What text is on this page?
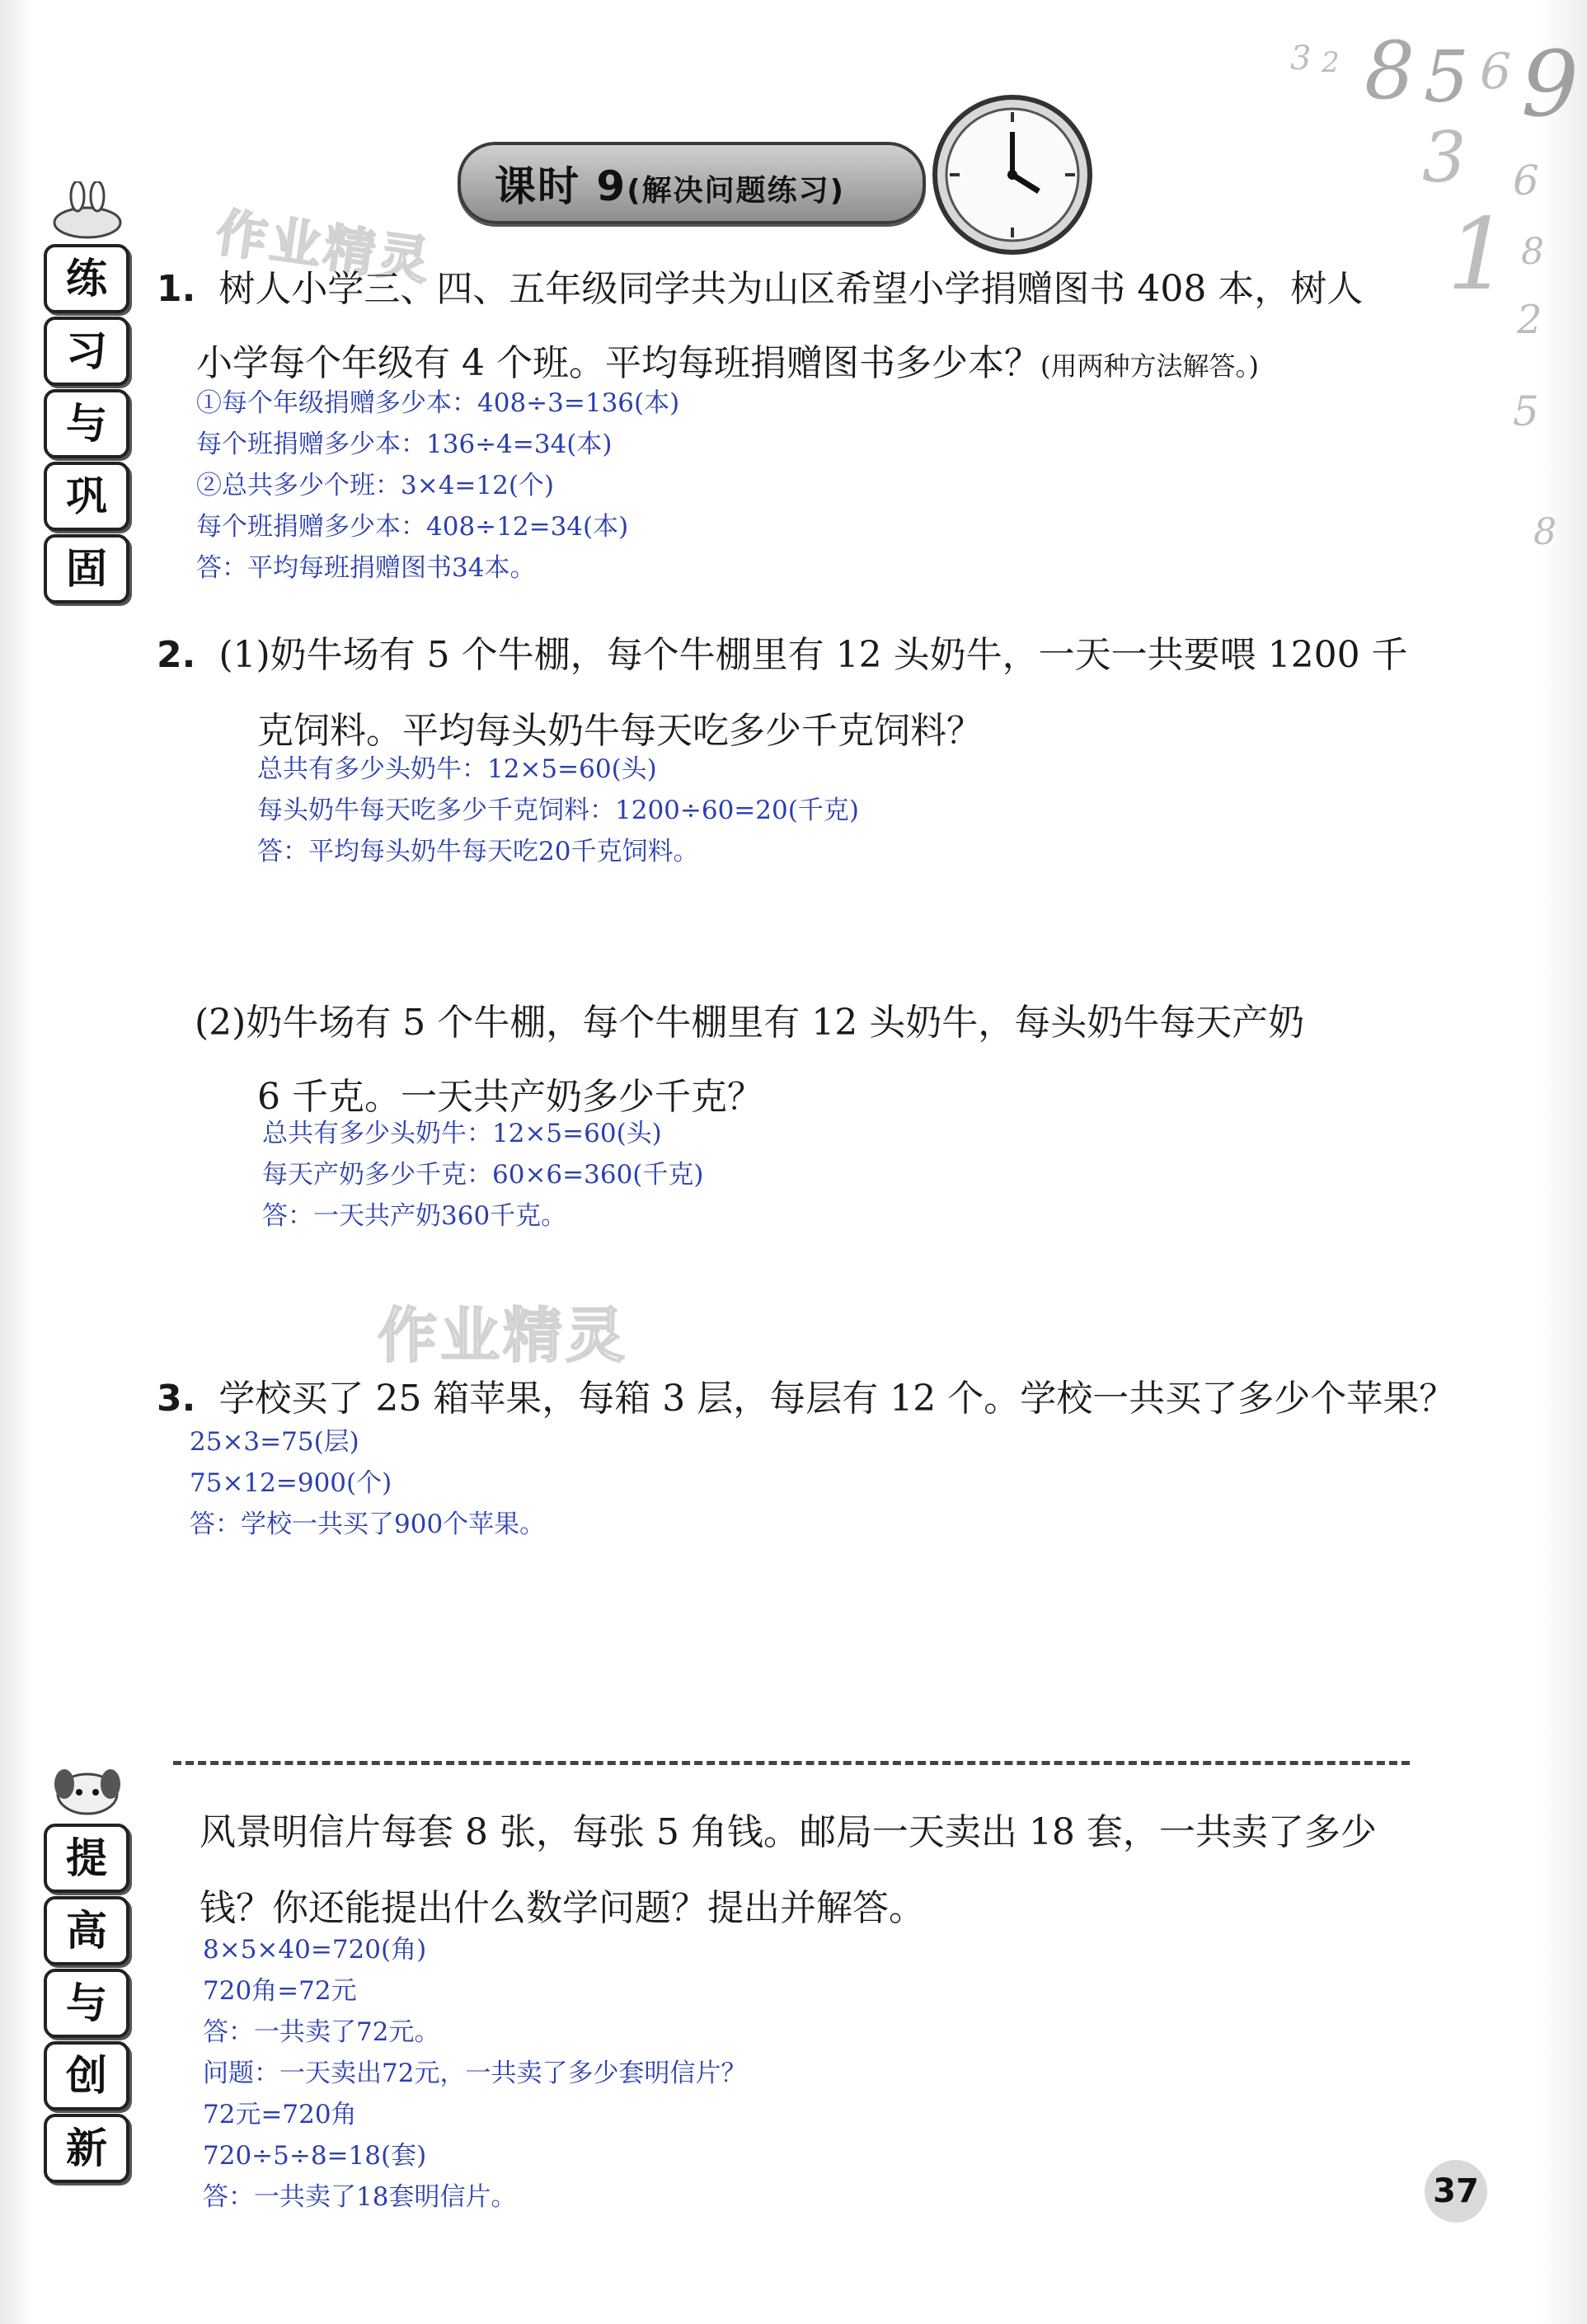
3 2 8 5 6 9
3 6
1 8
2
5
8
课时 9(解决问题练习)
练
习
与
巩
固
提
高
与
创
新
作业精灵
作业精灵
1. 树人小学三、四、五年级同学共为山区希望小学捐赠图书 408 本，树人
小学每个年级有 4 个班。平均每班捐赠图书多少本？(用两种方法解答。)
①每个年级捐赠多少本：408÷3=136(本)
每个班捐赠多少本：136÷4=34(本)
②总共多少个班：3×4=12(个)
每个班捐赠多少本：408÷12=34(本)
答：平均每班捐赠图书34本。
2. (1)奶牛场有 5 个牛棚，每个牛棚里有 12 头奶牛，一天一共要喂 1200 千
克饲料。平均每头奶牛每天吃多少千克饲料？
总共有多少头奶牛：12×5=60(头)
每头奶牛每天吃多少千克饲料：1200÷60=20(千克)
答：平均每头奶牛每天吃20千克饲料。
(2)奶牛场有 5 个牛棚，每个牛棚里有 12 头奶牛，每头奶牛每天产奶
6 千克。一天共产奶多少千克？
总共有多少头奶牛：12×5=60(头)
每天产奶多少千克：60×6=360(千克)
答：一天共产奶360千克。
3. 学校买了 25 箱苹果，每箱 3 层，每层有 12 个。学校一共买了多少个苹果？
25×3=75(层)
75×12=900(个)
答：学校一共买了900个苹果。
风景明信片每套 8 张，每张 5 角钱。邮局一天卖出 18 套，一共卖了多少
钱？你还能提出什么数学问题？提出并解答。
8×5×40=720(角)
720角=72元
答：一共卖了72元。
问题：一天卖出72元，一共卖了多少套明信片？
72元=720角
720÷5÷8=18(套)
答：一共卖了18套明信片。	37
